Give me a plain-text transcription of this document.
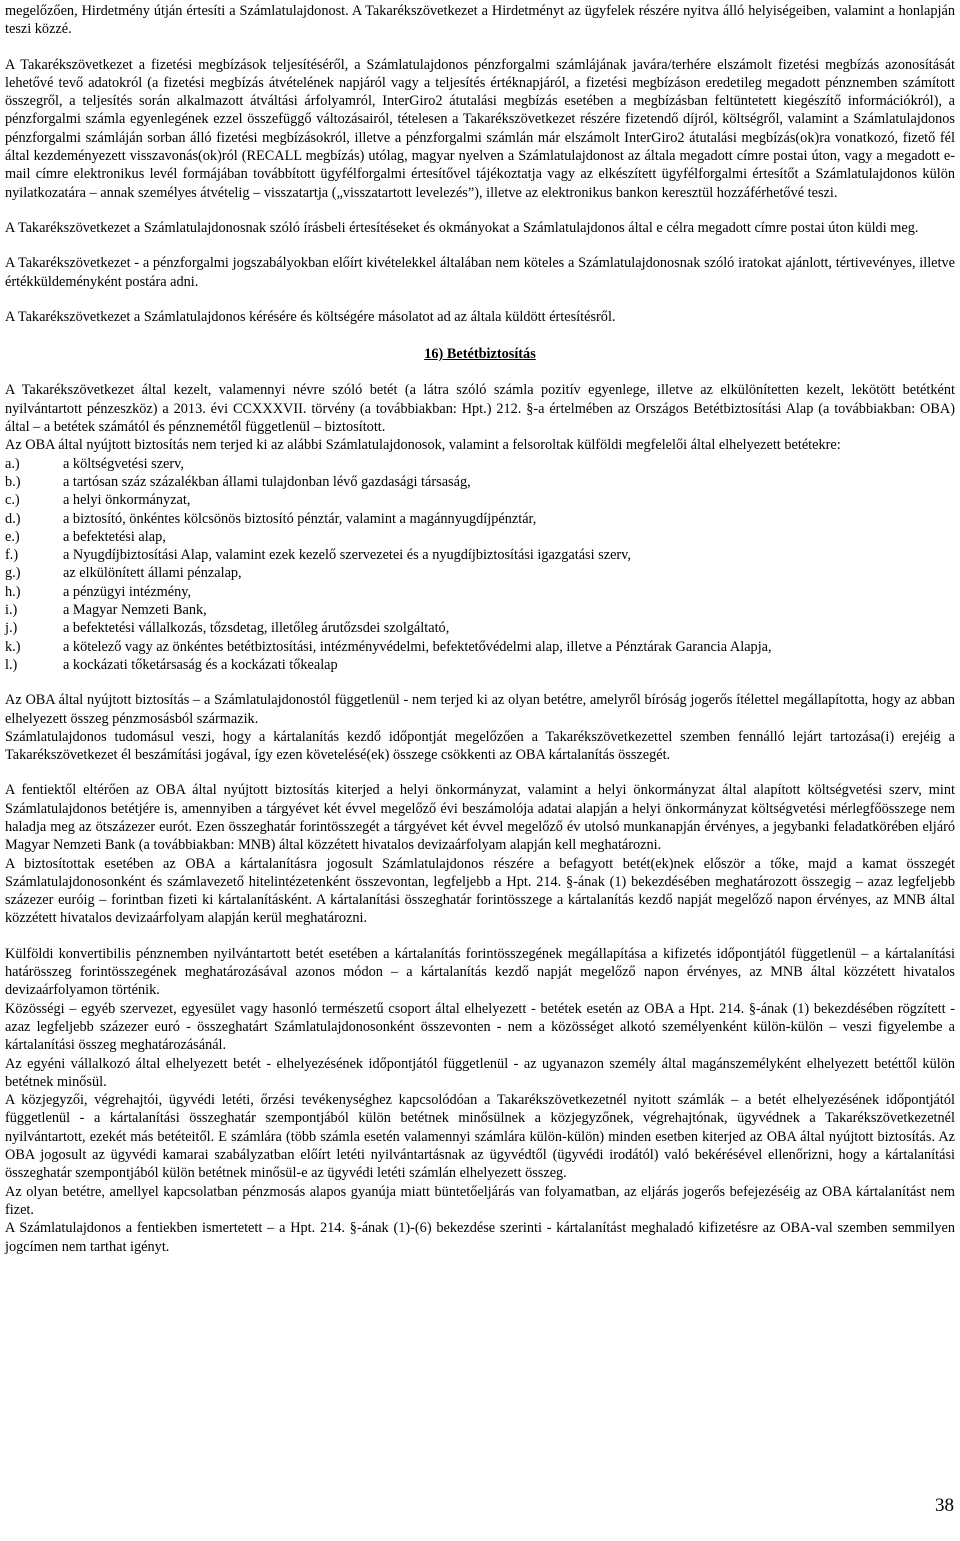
megelőzően, Hirdetmény útján értesíti a Számlatulajdonost. A Takarékszövetkezet a Hirdetményt az ügyfelek részére nyitva álló helyiségeiben, valamint a honlapján teszi közzé.

A Takarékszövetkezet a fizetési megbízások teljesítéséről, a Számlatulajdonos pénzforgalmi számlájának javára/terhére elszámolt fizetési megbízás azonosítását lehetővé tevő adatokról (a fizetési megbízás átvételének napjáról vagy a teljesítés értéknapjáról, a fizetési megbízáson eredetileg megadott pénznemben számított összegről, a teljesítés során alkalmazott átváltási árfolyamról, InterGiro2 átutalási megbízás esetében a megbízásban feltüntetett kiegészítő információkról), a pénzforgalmi számla egyenlegének ezzel összefüggő változásairól, tételesen a Takarékszövetkezet részére fizetendő díjról, költségről, valamint a Számlatulajdonos pénzforgalmi számláján sorban álló fizetési megbízásokról, illetve a pénzforgalmi számlán már elszámolt InterGiro2 átutalási megbízás(ok)ra vonatkozó, fizető fél által kezdeményezett visszavonás(ok)ról (RECALL megbízás) utólag, magyar nyelven a Számlatulajdonost az általa megadott címre postai úton, vagy a megadott e-mail címre elektronikus levél formájában továbbított ügyfélforgalmi értesítővel tájékoztatja vagy az elkészített ügyfélforgalmi értesítőt a Számlatulajdonos külön nyilatkozatára – annak személyes átvételig – visszatartja („visszatartott levelezés”), illetve az elektronikus bankon keresztül hozzáférhetővé teszi.

A Takarékszövetkezet a Számlatulajdonosnak szóló írásbeli értesítéseket és okmányokat a Számlatulajdonos által e célra megadott címre postai úton küldi meg.

A Takarékszövetkezet - a pénzforgalmi jogszabályokban előírt kivételekkel általában nem köteles a Számlatulajdonosnak szóló iratokat ajánlott, tértivevényes, illetve értékküldeményként postára adni.

A Takarékszövetkezet a Számlatulajdonos kérésére és költségére másolatot ad az általa küldött értesítésről.

16) Betétbiztosítás

A Takarékszövetkezet által kezelt, valamennyi névre szóló betét (a látra szóló számla pozitív egyenlege, illetve az elkülönítetten kezelt, lekötött betétként nyilvántartott pénzeszköz) a 2013. évi CCXXXVII. törvény (a továbbiakban: Hpt.) 212. §-a értelmében az Országos Betétbiztosítási Alap (a továbbiakban: OBA) által – a betétek számától és pénznemétől függetlenül – biztosított.

Az OBA által nyújtott biztosítás nem terjed ki az alábbi Számlatulajdonosok, valamint a felsoroltak külföldi megfelelői által elhelyezett betétekre:

a.)	a költségvetési szerv,
b.)	a tartósan száz százalékban állami tulajdonban lévő gazdasági társaság,
c.)	a helyi önkormányzat,
d.)	a biztosító, önkéntes kölcsönös biztosító pénztár, valamint a magánnyugdíjpénztár,
e.)	a befektetési alap,
f.)	a Nyugdíjbiztosítási Alap, valamint ezek kezelő szervezetei és a nyugdíjbiztosítási igazgatási szerv,
g.)	az elkülönített állami pénzalap,
h.)	a pénzügyi intézmény,
i.)	a Magyar Nemzeti Bank,
j.)	a befektetési vállalkozás, tőzsdetag, illetőleg árutőzsdei szolgáltató,
k.)	a kötelező vagy az önkéntes betétbiztosítási, intézményvédelmi, befektetővédelmi alap, illetve a Pénztárak Garancia Alapja,
l.)	a kockázati tőketársaság és a kockázati tőkealap

Az OBA által nyújtott biztosítás – a Számlatulajdonostól függetlenül - nem terjed ki az olyan betétre, amelyről bíróság jogerős ítélettel megállapította, hogy az abban elhelyezett összeg pénzmosásból származik.

Számlatulajdonos tudomásul veszi, hogy a kártalanítás kezdő időpontját megelőzően a Takarékszövetkezettel szemben fennálló lejárt tartozása(i) erejéig a Takarékszövetkezet él beszámítási jogával, így ezen követelésé(ek) összege csökkenti az OBA kártalanítás összegét.

A fentiektől eltérően az OBA által nyújtott biztosítás kiterjed a helyi önkormányzat, valamint a helyi önkormányzat által alapított költségvetési szerv, mint Számlatulajdonos betétjére is, amennyiben a tárgyévet két évvel megelőző évi beszámolója adatai alapján a helyi önkormányzat költségvetési mérlegfőösszege nem haladja meg az ötszázezer eurót. Ezen összeghatár forintösszegét a tárgyévet két évvel megelőző év utolsó munkanapján érvényes, a jegybanki feladatkörében eljáró Magyar Nemzeti Bank (a továbbiakban: MNB) által közzétett hivatalos devizaárfolyam alapján kell meghatározni.

A biztosítottak esetében az OBA a kártalanításra jogosult Számlatulajdonos részére a befagyott betét(ek)nek először a tőke, majd a kamat összegét Számlatulajdonosonként és számlavezető hitelintézetenként összevontan, legfeljebb a Hpt. 214. §-ának (1) bekezdésében meghatározott összegig – azaz legfeljebb százezer euróig – forintban fizeti ki kártalanításként. A kártalanítási összeghatár forintösszege a kártalanítás kezdő napját megelőző napon érvényes, az MNB által közzétett hivatalos devizaárfolyam alapján kerül meghatározni.

Külföldi konvertibilis pénznemben nyilvántartott betét esetében a kártalanítás forintösszegének megállapítása a kifizetés időpontjától függetlenül – a kártalanítási határösszeg forintösszegének meghatározásával azonos módon – a kártalanítás kezdő napját megelőző napon érvényes, az MNB által közzétett hivatalos devizaárfolyamon történik.

Közösségi – egyéb szervezet, egyesület vagy hasonló természetű csoport által elhelyezett - betétek esetén az OBA a Hpt. 214. §-ának (1) bekezdésében rögzített - azaz legfeljebb százezer euró - összeghatárt Számlatulajdonosonként összevonten - nem a közösséget alkotó személyenként külön-külön – veszi figyelembe a kártalanítási összeg meghatározásánál.

Az egyéni vállalkozó által elhelyezett betét - elhelyezésének időpontjától függetlenül - az ugyanazon személy által magánszemélyként elhelyezett betéttől külön betétnek minősül.

A közjegyzői, végrehajtói, ügyvédi letéti, őrzési tevékenységhez kapcsolódóan a Takarékszövetkezetnél nyitott számlák – a betét elhelyezésének időpontjától függetlenül - a kártalanítási összeghatár szempontjából külön betétnek minősülnek a közjegyzőnek, végrehajtónak, ügyvédnek a Takarékszövetkezetnél nyilvántartott, ezekét más betéteitől. E számlára (több számla esetén valamennyi számlára külön-külön) minden esetben kiterjed az OBA által nyújtott biztosítás. Az OBA jogosult az ügyvédi kamarai szabályzatban előírt letéti nyilvántartásnak az ügyvédtől (ügyvédi irodától) való bekérésével ellenőrizni, hogy a kártalanítási összeghatár szempontjából külön betétnek minősül-e az ügyvédi letéti számlán elhelyezett összeg.

Az olyan betétre, amellyel kapcsolatban pénzmosás alapos gyanúja miatt büntetőeljárás van folyamatban, az eljárás jogerős befejezéséig az OBA kártalanítást nem fizet.

A Számlatulajdonos a fentiekben ismertetett – a Hpt. 214. §-ának (1)-(6) bekezdése szerinti - kártalanítást meghaladó kifizetésre az OBA-val szemben semmilyen jogcímen nem tarthat igényt.

38
